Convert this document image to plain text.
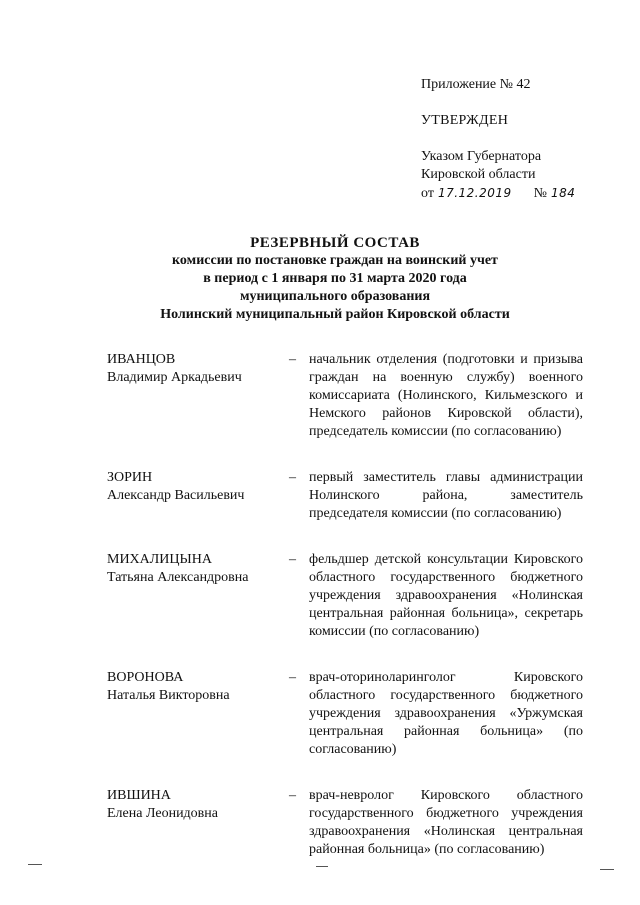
Приложение № 42
УТВЕРЖДЕН
Указом Губернатора
Кировской области
от 17.12.2019 № 184
РЕЗЕРВНЫЙ СОСТАВ
комиссии по постановке граждан на воинский учет
в период с 1 января по 31 марта 2020 года
муниципального образования
Нолинский муниципальный район Кировской области
ИВАНЦОВ
Владимир Аркадьевич
– начальник отделения (подготовки и призыва граждан на военную службу) военного комиссариата (Нолинского, Кильмезского и Немского районов Кировской области), председатель комиссии (по согласованию)
ЗОРИН
Александр Васильевич
– первый заместитель главы администрации Нолинского района, заместитель председателя комиссии (по согласованию)
МИХАЛИЦЫНА
Татьяна Александровна
– фельдшер детской консультации Кировского областного государственного бюджетного учреждения здравоохранения «Нолинская центральная районная больница», секретарь комиссии (по согласованию)
ВОРОНОВА
Наталья Викторовна
– врач-оториноларинголог Кировского областного государственного бюджетного учреждения здравоохранения «Уржумская центральная районная больница» (по согласованию)
ИВШИНА
Елена Леонидовна
– врач-невролог Кировского областного государственного бюджетного учреждения здравоохранения «Нолинская центральная районная больница» (по согласованию)
